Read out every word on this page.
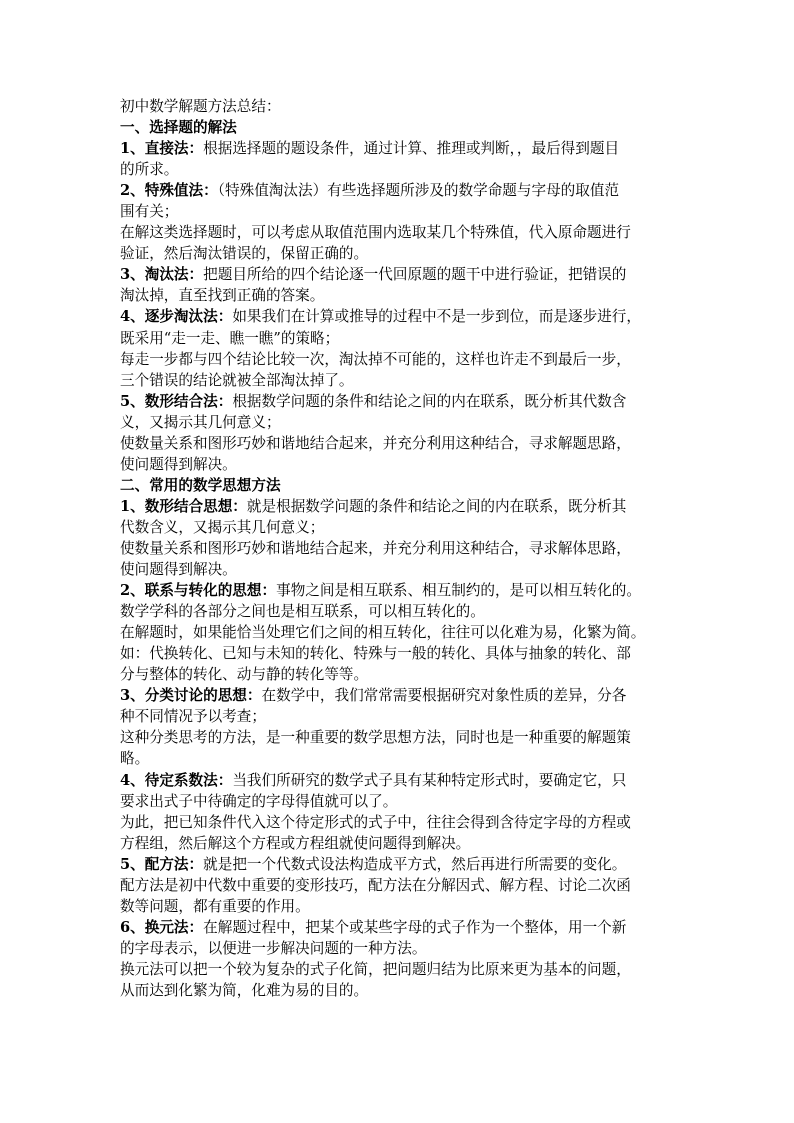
初中数学解题方法总结：
一、选择题的解法
1、直接法：根据选择题的题设条件，通过计算、推理或判断，，最后得到题目
的所求。
2、特殊值法：（特殊值淘汰法）有些选择题所涉及的数学命题与字母的取值范
围有关；
在解这类选择题时，可以考虑从取值范围内选取某几个特殊值，代入原命题进行
验证，然后淘汰错误的，保留正确的。
3、淘汰法：把题目所给的四个结论逐一代回原题的题干中进行验证，把错误的
淘汰掉，直至找到正确的答案。
4、逐步淘汰法：如果我们在计算或推导的过程中不是一步到位，而是逐步进行，
既采用“走一走、瞧一瞧”的策略；
每走一步都与四个结论比较一次，淘汰掉不可能的，这样也许走不到最后一步，
三个错误的结论就被全部淘汰掉了。
5、数形结合法：根据数学问题的条件和结论之间的内在联系，既分析其代数含
义，又揭示其几何意义；
使数量关系和图形巧妙和谐地结合起来，并充分利用这种结合，寻求解题思路，
使问题得到解决。
二、常用的数学思想方法
1、数形结合思想：就是根据数学问题的条件和结论之间的内在联系，既分析其
代数含义，又揭示其几何意义；
使数量关系和图形巧妙和谐地结合起来，并充分利用这种结合，寻求解体思路，
使问题得到解决。
2、联系与转化的思想：事物之间是相互联系、相互制约的，是可以相互转化的。
数学学科的各部分之间也是相互联系，可以相互转化的。
在解题时，如果能恰当处理它们之间的相互转化，往往可以化难为易，化繁为简。
如：代换转化、已知与未知的转化、特殊与一般的转化、具体与抽象的转化、部
分与整体的转化、动与静的转化等等。
3、分类讨论的思想：在数学中，我们常常需要根据研究对象性质的差异，分各
种不同情况予以考查；
这种分类思考的方法，是一种重要的数学思想方法，同时也是一种重要的解题策
略。
4、待定系数法：当我们所研究的数学式子具有某种特定形式时，要确定它，只
要求出式子中待确定的字母得值就可以了。
为此，把已知条件代入这个待定形式的式子中，往往会得到含待定字母的方程或
方程组，然后解这个方程或方程组就使问题得到解决。
5、配方法：就是把一个代数式设法构造成平方式，然后再进行所需要的变化。
配方法是初中代数中重要的变形技巧，配方法在分解因式、解方程、讨论二次函
数等问题，都有重要的作用。
6、换元法：在解题过程中，把某个或某些字母的式子作为一个整体，用一个新
的字母表示，以便进一步解决问题的一种方法。
换元法可以把一个较为复杂的式子化简，把问题归结为比原来更为基本的问题，
从而达到化繁为简，化难为易的目的。
